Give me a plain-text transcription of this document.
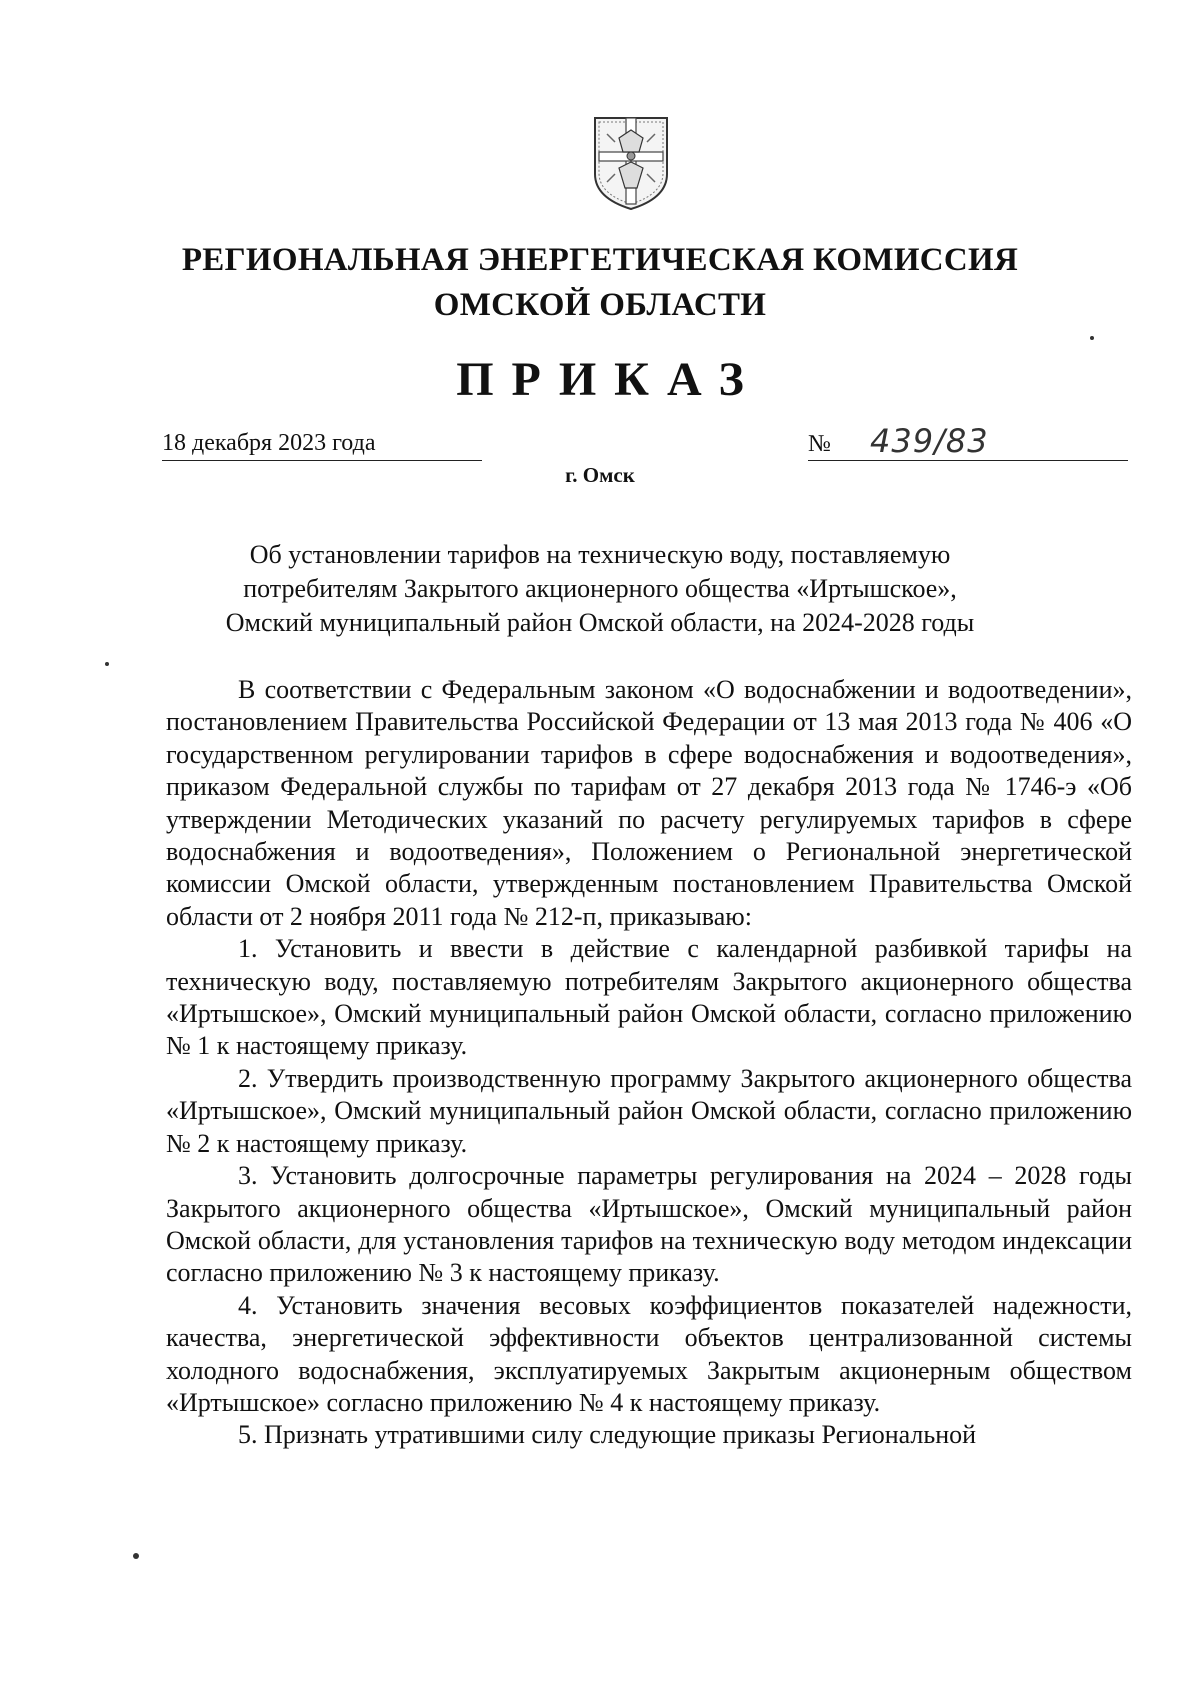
РЕГИОНАЛЬНАЯ ЭНЕРГЕТИЧЕСКАЯ КОМИССИЯ
ОМСКОЙ ОБЛАСТИ
ПРИКАЗ
18 декабря 2023 года	№ 439/83
г. Омск
Об установлении тарифов на техническую воду, поставляемую
потребителям Закрытого акционерного общества «Иртышское»,
Омский муниципальный район Омской области, на 2024-2028 годы

В соответствии с Федеральным законом «О водоснабжении и водоотведении», постановлением Правительства Российской Федерации от 13 мая 2013 года № 406 «О государственном регулировании тарифов в сфере водоснабжения и водоотведения», приказом Федеральной службы по тарифам от 27 декабря 2013 года № 1746-э «Об утверждении Методических указаний по расчету регулируемых тарифов в сфере водоснабжения и водоотведения», Положением о Региональной энергетической комиссии Омской области, утвержденным постановлением Правительства Омской области от 2 ноября 2011 года № 212-п, приказываю:

1. Установить и ввести в действие с календарной разбивкой тарифы на техническую воду, поставляемую потребителям Закрытого акционерного общества «Иртышское», Омский муниципальный район Омской области, согласно приложению № 1 к настоящему приказу.

2. Утвердить производственную программу Закрытого акционерного общества «Иртышское», Омский муниципальный район Омской области, согласно приложению № 2 к настоящему приказу.

3. Установить долгосрочные параметры регулирования на 2024 – 2028 годы Закрытого акционерного общества «Иртышское», Омский муниципальный район Омской области, для установления тарифов на техническую воду методом индексации согласно приложению № 3 к настоящему приказу.

4. Установить значения весовых коэффициентов показателей надежности, качества, энергетической эффективности объектов централизованной системы холодного водоснабжения, эксплуатируемых Закрытым акционерным обществом «Иртышское» согласно приложению № 4 к настоящему приказу.

5. Признать утратившими силу следующие приказы Региональной
